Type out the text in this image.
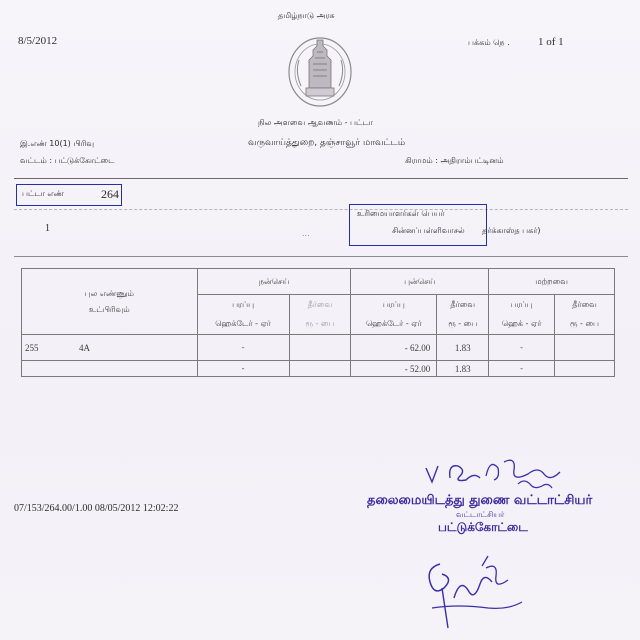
தமிழ்நாடு அரசு
8/5/2012	பக்கம் நெ .	1 of 1
நில அளவை ஆவணம் - பட்டா
இ.எண் 10(1) பிரிவு	வருவாய்த்துறை, தஞ்சாவூர் மாவட்டம்
வட்டம் : பட்டுக்கோட்டை	கிராமம் : அதிராம்பட்டினம்
பட்டா எண்	264
உரிமையாளர்கள் பெயர்
1	...	சின்னப்பள்ளிவாசல் தர்க்காஸ்த பகர்)
புல எண்ணும்
உட்பிரிவும்	நன்செய்		புன்செய்		மற்றவை	
	பரப்பு	தீர்வை	பரப்பு	தீர்வை	பரப்பு	தீர்வை
	ஹெக்டேர் - ஏர்	ரூ - பை	ஹெக்டேர் - ஏர்	ரூ - பை	ஹெக் - ஏர்	ரூ - பை
255 4A	-		- 62.00	1.83	-	
	-		- 52.00	1.83	-	
07/153/264.00/1.00 08/05/2012 12:02:22
தலைமையிடத்து துணை வட்டாட்சியர்
வட்டாட்சியர்
பட்டுக்கோட்டை
